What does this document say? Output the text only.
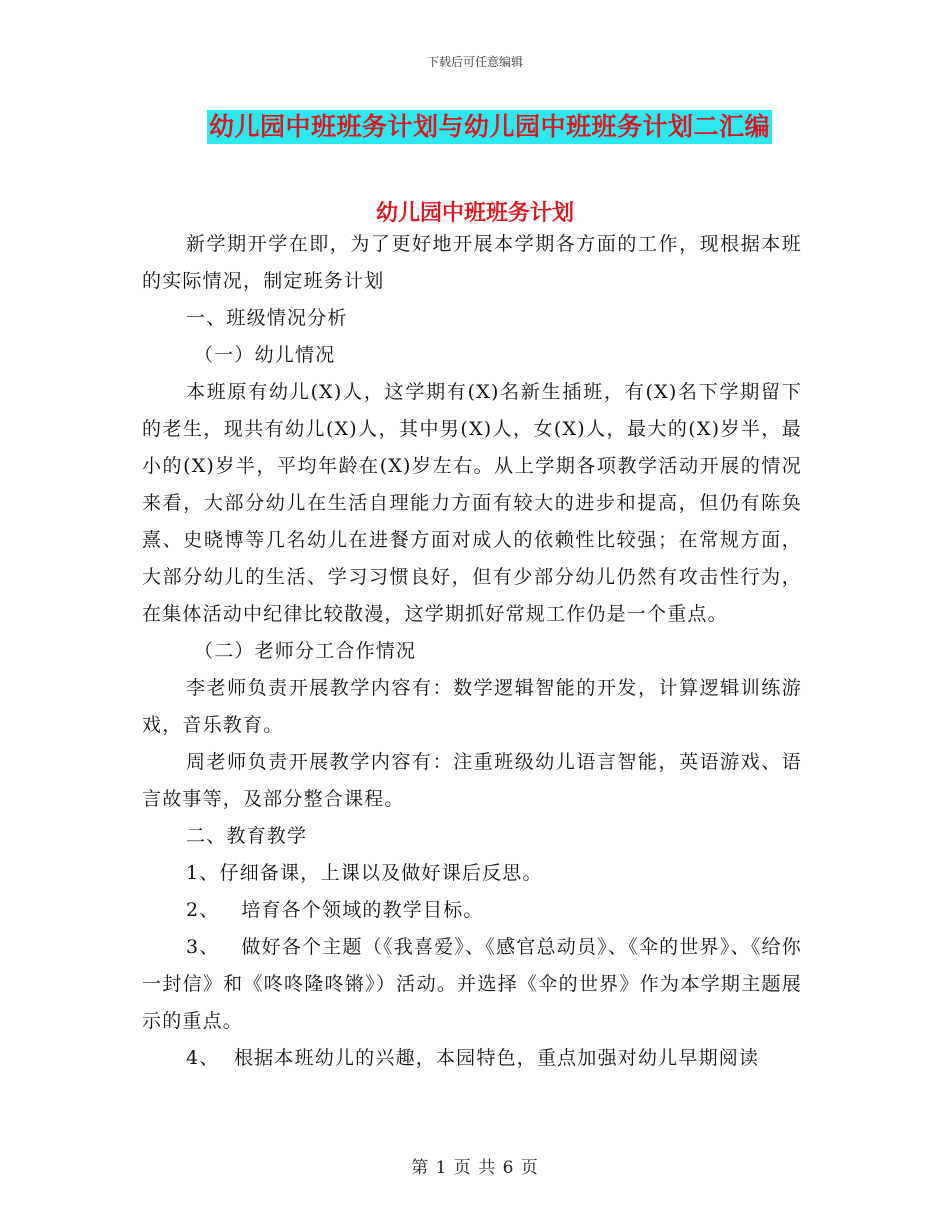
下载后可任意编辑
幼儿园中班班务计划与幼儿园中班班务计划二汇编
幼儿园中班班务计划

新学期开学在即，为了更好地开展本学期各方面的工作，现根据本班的实际情况，制定班务计划

一、班级情况分析

（一）幼儿情况

本班原有幼儿(X)人，这学期有(X)名新生插班，有(X)名下学期留下的老生，现共有幼儿(X)人，其中男(X)人，女(X)人，最大的(X)岁半，最小的(X)岁半，平均年龄在(X)岁左右。从上学期各项教学活动开展的情况来看，大部分幼儿在生活自理能力方面有较大的进步和提高，但仍有陈奂熹、史晓博等几名幼儿在进餐方面对成人的依赖性比较强；在常规方面，大部分幼儿的生活、学习习惯良好，但有少部分幼儿仍然有攻击性行为，在集体活动中纪律比较散漫，这学期抓好常规工作仍是一个重点。

（二）老师分工合作情况

李老师负责开展教学内容有：数学逻辑智能的开发，计算逻辑训练游戏，音乐教育。

周老师负责开展教学内容有：注重班级幼儿语言智能，英语游戏、语言故事等，及部分整合课程。

二、教育教学

1、仔细备课，上课以及做好课后反思。

2、   培育各个领域的教学目标。

3、   做好各个主题（《我喜爱》、《感官总动员》、《伞的世界》、《给你一封信》和《咚咚隆咚锵》）活动。并选择《伞的世界》作为本学期主题展示的重点。

4、  根据本班幼儿的兴趣，本园特色，重点加强对幼儿早期阅读

第 1 页 共 6 页
